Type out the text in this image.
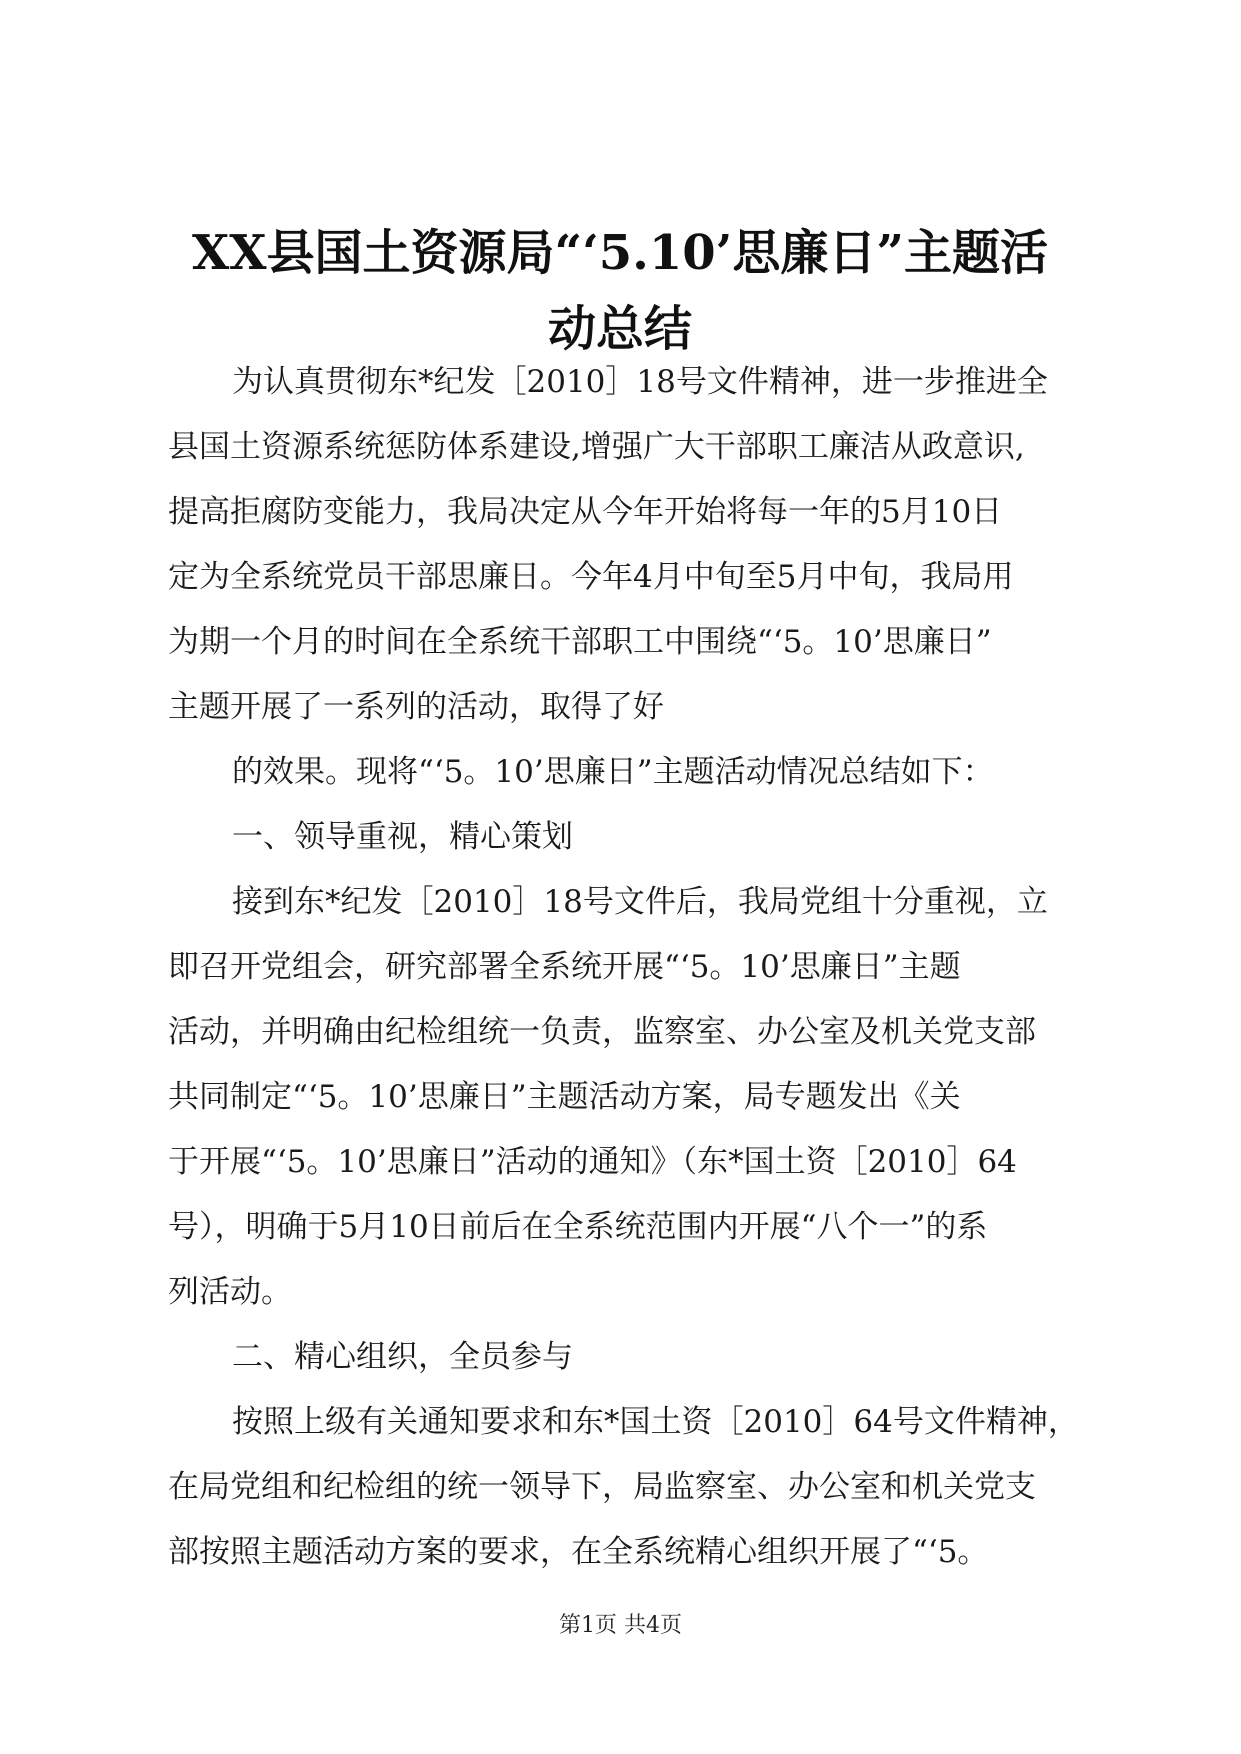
XX县国土资源局“‘5.10’思廉日”主题活
动总结
为认真贯彻东*纪发［2010］18号文件精神，进一步推进全
县国土资源系统惩防体系建设,增强广大干部职工廉洁从政意识,
提高拒腐防变能力，我局决定从今年开始将每一年的5月10日
定为全系统党员干部思廉日。今年4月中旬至5月中旬，我局用
为期一个月的时间在全系统干部职工中围绕“‘5。10’思廉日”
主题开展了一系列的活动，取得了好
的效果。现将“‘5。10’思廉日”主题活动情况总结如下：
一、领导重视，精心策划
接到东*纪发［2010］18号文件后，我局党组十分重视，立
即召开党组会，研究部署全系统开展“‘5。10’思廉日”主题
活动，并明确由纪检组统一负责，监察室、办公室及机关党支部
共同制定“‘5。10’思廉日”主题活动方案，局专题发出《关
于开展“‘5。10’思廉日”活动的通知》（东*国土资［2010］64
号），明确于5月10日前后在全系统范围内开展“八个一”的系
列活动。
二、精心组织，全员参与
按照上级有关通知要求和东*国土资［2010］64号文件精神，
在局党组和纪检组的统一领导下，局监察室、办公室和机关党支
部按照主题活动方案的要求，在全系统精心组织开展了“‘5。
第1页 共4页
